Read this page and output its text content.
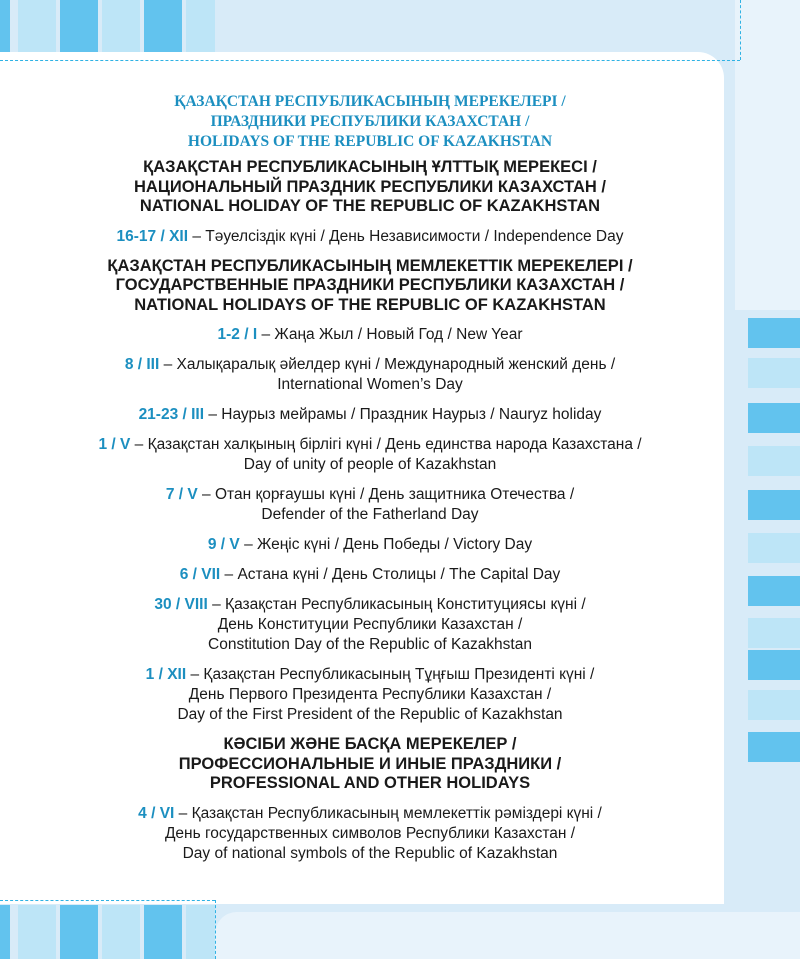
ҚАЗАҚСТАН РЕСПУБЛИКАСЫНЫҢ МЕРЕКЕЛЕРІ /
ПРАЗДНИКИ РЕСПУБЛИКИ КАЗАХСТАН /
HOLIDAYS OF THE REPUBLIC OF KAZAKHSTAN
ҚАЗАҚСТАН РЕСПУБЛИКАСЫНЫҢ ҰЛТТЫҚ МЕРЕКЕСІ /
НАЦИОНАЛЬНЫЙ ПРАЗДНИК РЕСПУБЛИКИ КАЗАХСТАН /
NATIONAL HOLIDAY OF THE REPUBLIC OF KAZAKHSTAN
16-17 / XII – Тәуелсіздік күні / День Независимости / Independence Day
ҚАЗАҚСТАН РЕСПУБЛИКАСЫНЫҢ МЕМЛЕКЕТТІК МЕРЕКЕЛЕРІ /
ГОСУДАРСТВЕННЫЕ ПРАЗДНИКИ РЕСПУБЛИКИ КАЗАХСТАН /
NATIONAL HOLIDAYS OF THE REPUBLIC OF KAZAKHSTAN
1-2 / I – Жаңа Жыл / Новый Год / New Year
8 / III – Халықаралық әйелдер күні / Международный женский день /
International Women’s Day
21-23 / III – Наурыз мейрамы / Праздник Наурыз / Nauryz holiday
1 / V – Қазақстан халқының бірлігі күні / День единства народа Казахстана /
Day of unity of people of Kazakhstan
7 / V – Отан қорғаушы күні / День защитника Отечества /
Defender of the Fatherland Day
9 / V – Жеңіс күні / День Победы / Victory Day
6 / VII – Астана күні / День Столицы / The Capital Day
30 / VIII – Қазақстан Республикасының Конституциясы күні /
День Конституции Республики Казахстан /
Constitution Day of the Republic of Kazakhstan
1 / XII – Қазақстан Республикасының Тұңғыш Президенті күні /
День Первого Президента Республики Казахстан /
Day of the First President of the Republic of Kazakhstan
КӘСІБИ ЖӘНЕ БАСҚА МЕРЕКЕЛЕР /
ПРОФЕССИОНАЛЬНЫЕ И ИНЫЕ ПРАЗДНИКИ /
PROFESSIONAL AND OTHER HOLIDAYS
4 / VI – Қазақстан Республикасының мемлекеттік рәміздері күні /
День государственных символов Республики Казахстан /
Day of national symbols of the Republic of Kazakhstan
